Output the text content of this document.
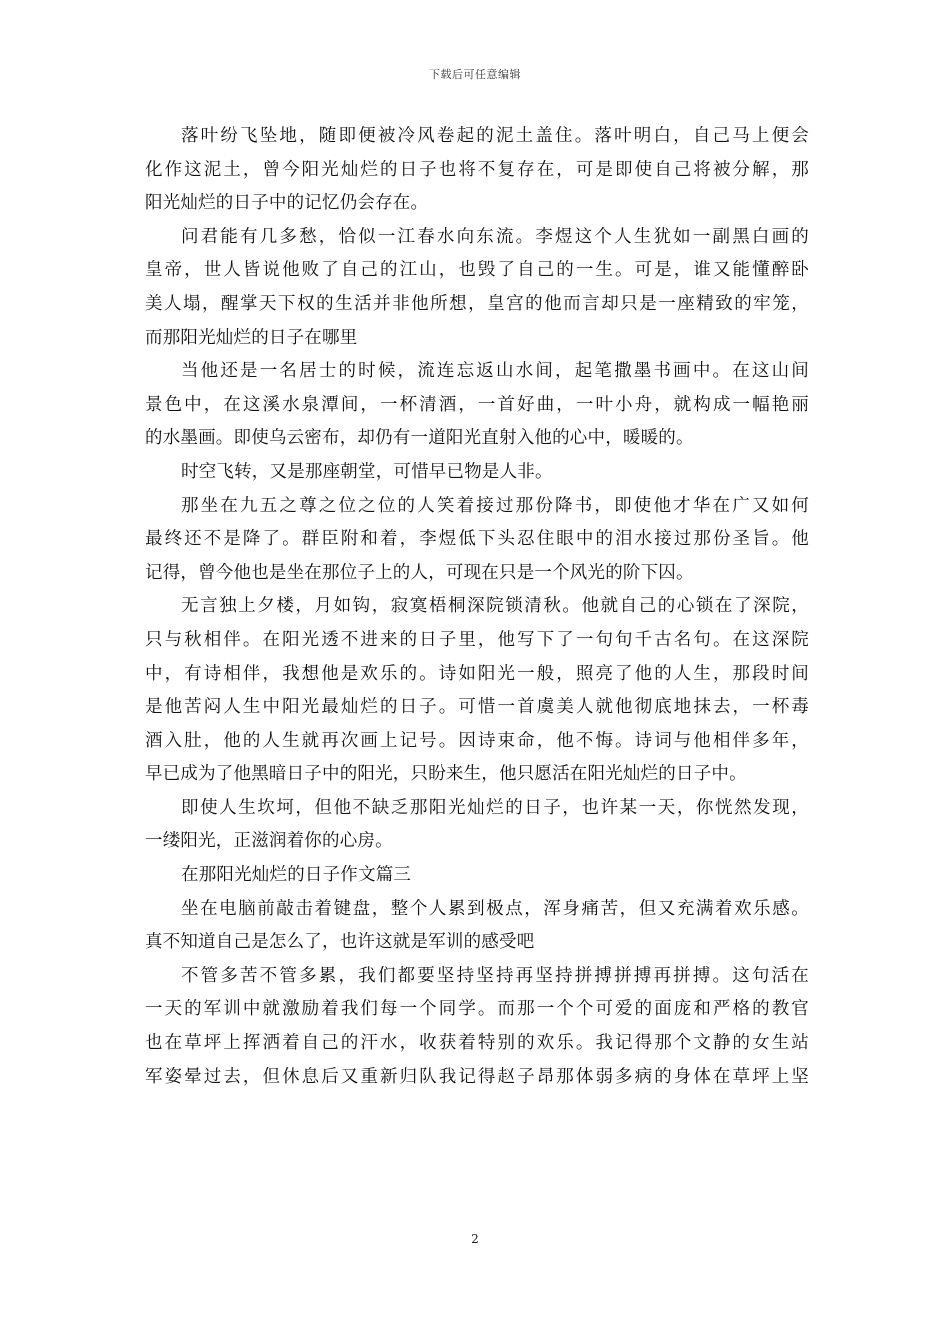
下载后可任意编辑
落叶纷飞坠地，随即便被冷风卷起的泥土盖住。落叶明白，自己马上便会
化作这泥土，曾今阳光灿烂的日子也将不复存在，可是即使自己将被分解，那
阳光灿烂的日子中的记忆仍会存在。
问君能有几多愁，恰似一江春水向东流。李煜这个人生犹如一副黑白画的
皇帝，世人皆说他败了自己的江山，也毁了自己的一生。可是，谁又能懂醉卧
美人塌，醒掌天下权的生活并非他所想，皇宫的他而言却只是一座精致的牢笼，
而那阳光灿烂的日子在哪里
当他还是一名居士的时候，流连忘返山水间，起笔撒墨书画中。在这山间
景色中，在这溪水泉潭间，一杯清酒，一首好曲，一叶小舟，就构成一幅艳丽
的水墨画。即使乌云密布，却仍有一道阳光直射入他的心中，暖暖的。
时空飞转，又是那座朝堂，可惜早已物是人非。
那坐在九五之尊之位之位的人笑着接过那份降书，即使他才华在广又如何
最终还不是降了。群臣附和着，李煜低下头忍住眼中的泪水接过那份圣旨。他
记得，曾今他也是坐在那位子上的人，可现在只是一个风光的阶下囚。
无言独上夕楼，月如钩，寂寞梧桐深院锁清秋。他就自己的心锁在了深院，
只与秋相伴。在阳光透不进来的日子里，他写下了一句句千古名句。在这深院
中，有诗相伴，我想他是欢乐的。诗如阳光一般，照亮了他的人生，那段时间
是他苦闷人生中阳光最灿烂的日子。可惜一首虞美人就他彻底地抹去，一杯毒
酒入肚，他的人生就再次画上记号。因诗束命，他不悔。诗词与他相伴多年，
早已成为了他黑暗日子中的阳光，只盼来生，他只愿活在阳光灿烂的日子中。
即使人生坎坷，但他不缺乏那阳光灿烂的日子，也许某一天，你恍然发现，
一缕阳光，正滋润着你的心房。
在那阳光灿烂的日子作文篇三
坐在电脑前敲击着键盘，整个人累到极点，浑身痛苦，但又充满着欢乐感。
真不知道自己是怎么了，也许这就是军训的感受吧
不管多苦不管多累，我们都要坚持坚持再坚持拼搏拼搏再拼搏。这句活在
一天的军训中就激励着我们每一个同学。而那一个个可爱的面庞和严格的教官
也在草坪上挥洒着自己的汗水，收获着特别的欢乐。我记得那个文静的女生站
军姿晕过去，但休息后又重新归队我记得赵子昂那体弱多病的身体在草坪上坚
2
